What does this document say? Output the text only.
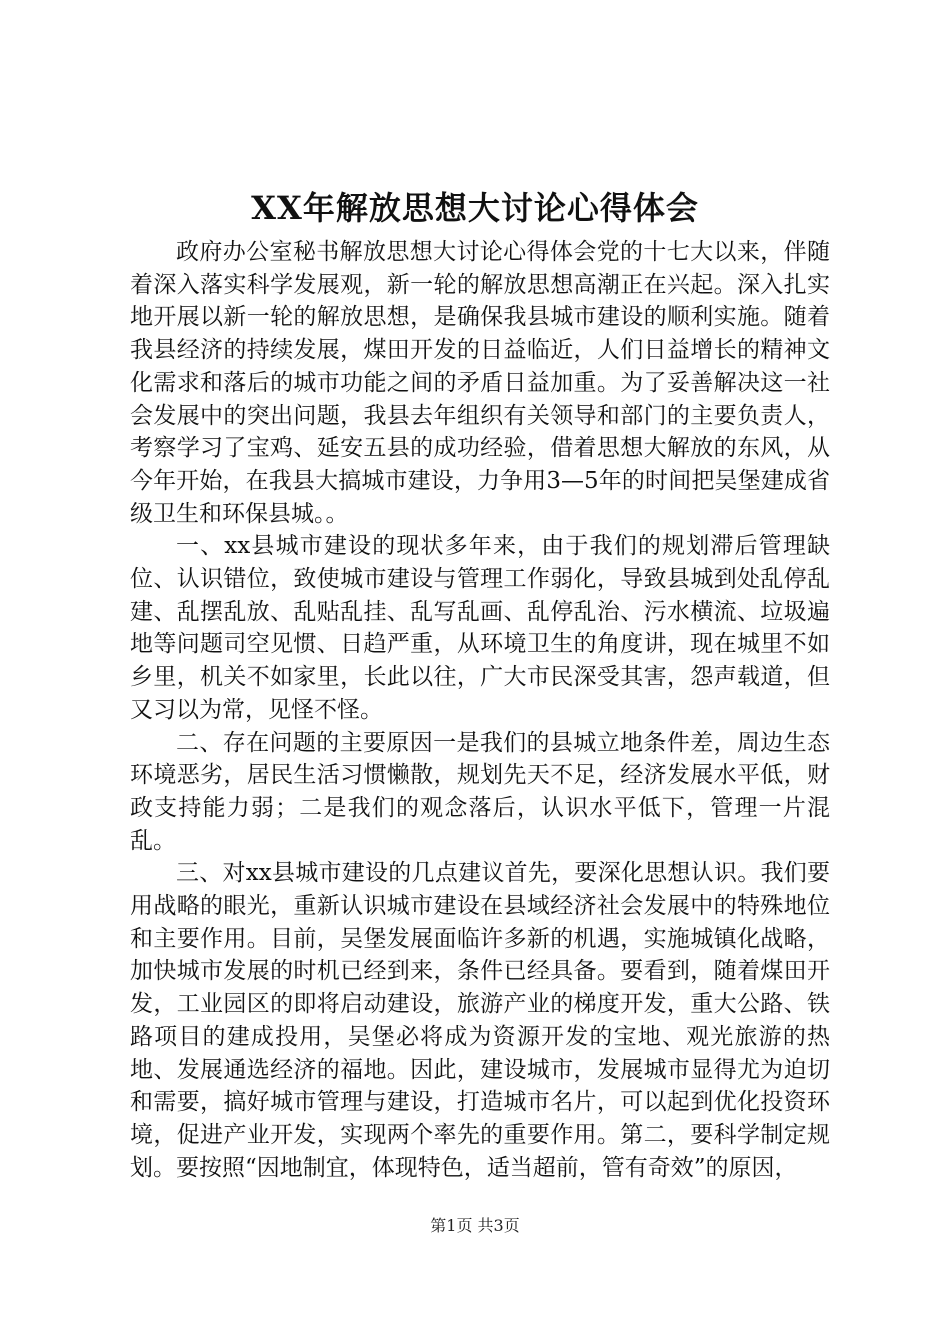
XX年解放思想大讨论心得体会

政府办公室秘书解放思想大讨论心得体会党的十七大以来，伴随着深入落实科学发展观，新一轮的解放思想高潮正在兴起。深入扎实地开展以新一轮的解放思想，是确保我县城市建设的顺利实施。随着我县经济的持续发展，煤田开发的日益临近，人们日益增长的精神文化需求和落后的城市功能之间的矛盾日益加重。为了妥善解决这一社会发展中的突出问题，我县去年组织有关领导和部门的主要负责人，考察学习了宝鸡、延安五县的成功经验，借着思想大解放的东风，从今年开始，在我县大搞城市建设，力争用3—5年的时间把吴堡建成省级卫生和环保县城。。

一、xx县城市建设的现状多年来，由于我们的规划滞后管理缺位、认识错位，致使城市建设与管理工作弱化，导致县城到处乱停乱建、乱摆乱放、乱贴乱挂、乱写乱画、乱停乱治、污水横流、垃圾遍地等问题司空见惯、日趋严重，从环境卫生的角度讲，现在城里不如乡里，机关不如家里，长此以往，广大市民深受其害，怨声载道，但又习以为常，见怪不怪。

二、存在问题的主要原因一是我们的县城立地条件差，周边生态环境恶劣，居民生活习惯懒散，规划先天不足，经济发展水平低，财政支持能力弱；二是我们的观念落后，认识水平低下，管理一片混乱。

三、对xx县城市建设的几点建议首先，要深化思想认识。我们要用战略的眼光，重新认识城市建设在县域经济社会发展中的特殊地位和主要作用。目前，吴堡发展面临许多新的机遇，实施城镇化战略，加快城市发展的时机已经到来，条件已经具备。要看到，随着煤田开发，工业园区的即将启动建设，旅游产业的梯度开发，重大公路、铁路项目的建成投用，吴堡必将成为资源开发的宝地、观光旅游的热地、发展通选经济的福地。因此，建设城市，发展城市显得尤为迫切和需要，搞好城市管理与建设，打造城市名片，可以起到优化投资环境，促进产业开发，实现两个率先的重要作用。第二，要科学制定规划。要按照“因地制宜，体现特色，适当超前，管有奇效”的原因，

第1页 共3页
